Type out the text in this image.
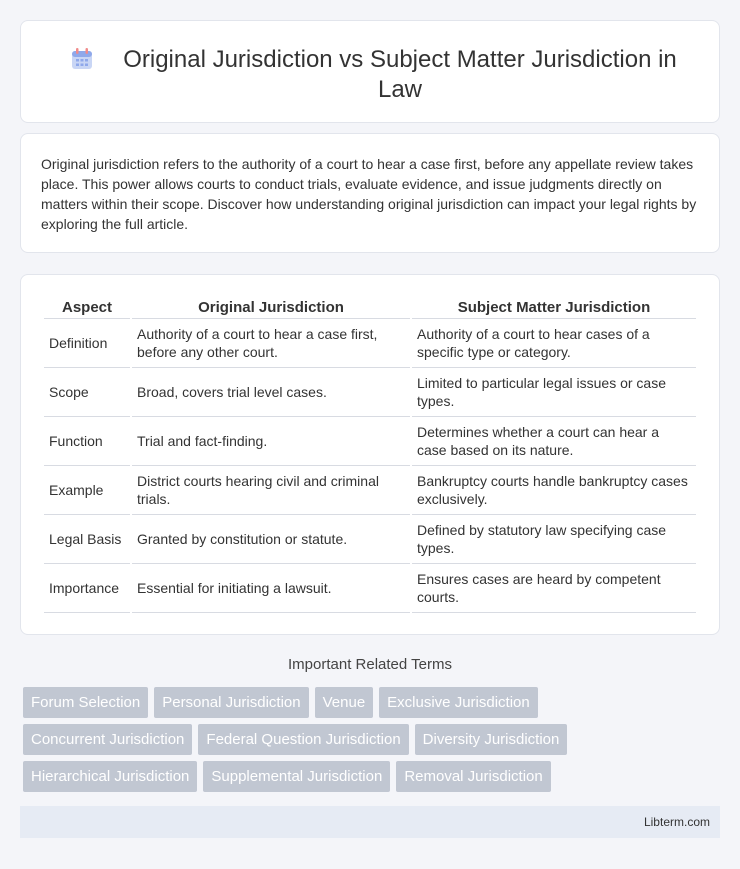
Original Jurisdiction vs Subject Matter Jurisdiction in Law

Original jurisdiction refers to the authority of a court to hear a case first, before any appellate review takes place. This power allows courts to conduct trials, evaluate evidence, and issue judgments directly on matters within their scope. Discover how understanding original jurisdiction can impact your legal rights by exploring the full article.

Aspect	Original Jurisdiction	Subject Matter Jurisdiction
Definition	Authority of a court to hear a case first, before any other court.	Authority of a court to hear cases of a specific type or category.
Scope	Broad, covers trial level cases.	Limited to particular legal issues or case types.
Function	Trial and fact-finding.	Determines whether a court can hear a case based on its nature.
Example	District courts hearing civil and criminal trials.	Bankruptcy courts handle bankruptcy cases exclusively.
Legal Basis	Granted by constitution or statute.	Defined by statutory law specifying case types.
Importance	Essential for initiating a lawsuit.	Ensures cases are heard by competent courts.
Important Related Terms
Forum Selection	Personal Jurisdiction	Venue	Exclusive Jurisdiction
Concurrent Jurisdiction	Federal Question Jurisdiction	Diversity Jurisdiction
Hierarchical Jurisdiction	Supplemental Jurisdiction	Removal Jurisdiction
Libterm.com
